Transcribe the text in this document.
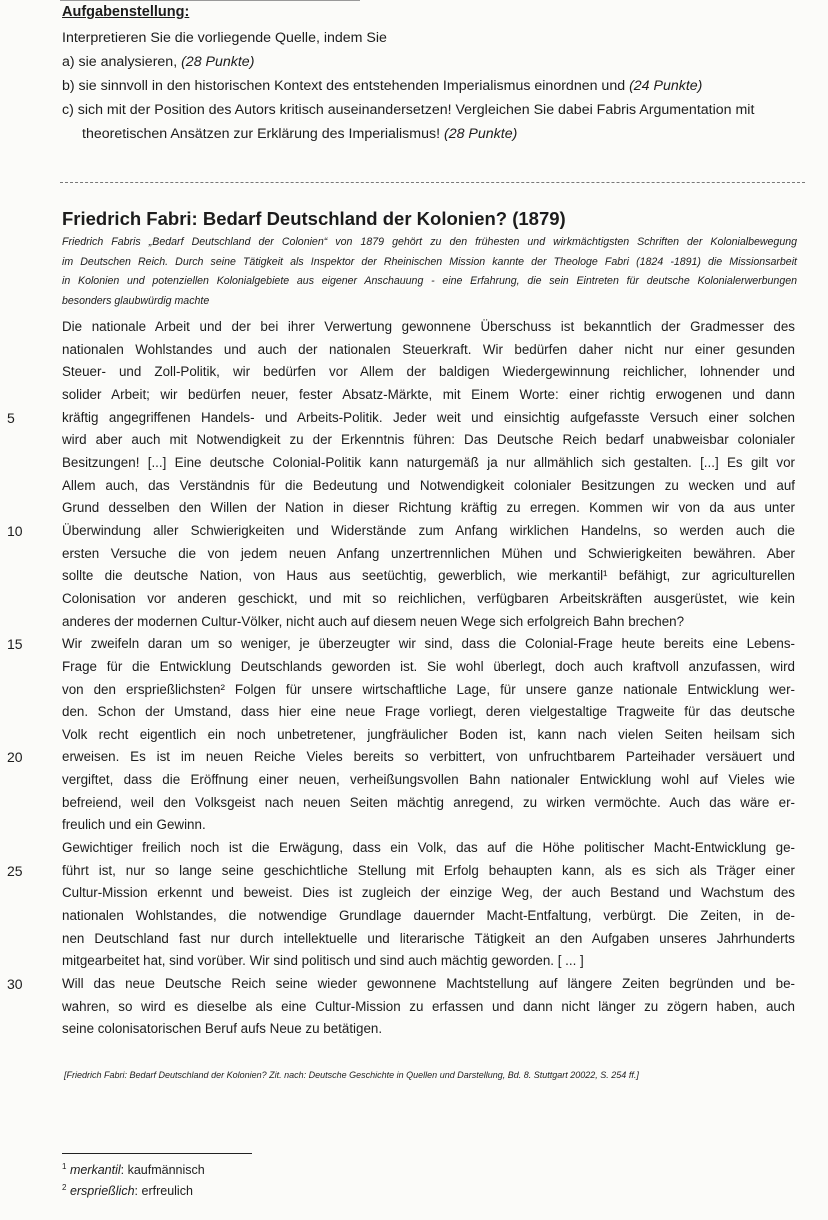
Aufgabenstellung:
Interpretieren Sie die vorliegende Quelle, indem Sie
a) sie analysieren, (28 Punkte)
b) sie sinnvoll in den historischen Kontext des entstehenden Imperialismus einordnen und (24 Punkte)
c) sich mit der Position des Autors kritisch auseinandersetzen! Vergleichen Sie dabei Fabris Argumentation mit
theoretischen Ansätzen zur Erklärung des Imperialismus! (28 Punkte)
Friedrich Fabri: Bedarf Deutschland der Kolonien? (1879)
Friedrich Fabris „Bedarf Deutschland der Colonien“ von 1879 gehört zu den frühesten und wirkmächtigsten Schriften der Kolonialbewegung
im Deutschen Reich. Durch seine Tätigkeit als Inspektor der Rheinischen Mission kannte der Theologe Fabri (1824 -1891) die Missionsarbeit
in Kolonien und potenziellen Kolonialgebiete aus eigener Anschauung - eine Erfahrung, die sein Eintreten für deutsche Kolonialerwerbungen
besonders glaubwürdig machte
Die nationale Arbeit und der bei ihrer Verwertung gewonnene Überschuss ist bekanntlich der Gradmesser des
nationalen Wohlstandes und auch der nationalen Steuerkraft. Wir bedürfen daher nicht nur einer gesunden
Steuer- und Zoll-Politik, wir bedürfen vor Allem der baldigen Wiedergewinnung reichlicher, lohnender und
solider Arbeit; wir bedürfen neuer, fester Absatz-Märkte, mit Einem Worte: einer richtig erwogenen und dann
5	kräftig angegriffenen Handels- und Arbeits-Politik. Jeder weit und einsichtig aufgefasste Versuch einer solchen
wird aber auch mit Notwendigkeit zu der Erkenntnis führen: Das Deutsche Reich bedarf unabweisbar colonialer
Besitzungen! [...] Eine deutsche Colonial-Politik kann naturgemäß ja nur allmählich sich gestalten. [...] Es gilt vor
Allem auch, das Verständnis für die Bedeutung und Notwendigkeit colonialer Besitzungen zu wecken und auf
Grund desselben den Willen der Nation in dieser Richtung kräftig zu erregen. Kommen wir von da aus unter
10	Überwindung aller Schwierigkeiten und Widerstände zum Anfang wirklichen Handelns, so werden auch die
ersten Versuche die von jedem neuen Anfang unzertrennlichen Mühen und Schwierigkeiten bewähren. Aber
sollte die deutsche Nation, von Haus aus seetüchtig, gewerblich, wie merkantil¹ befähigt, zur agriculturellen
Colonisation vor anderen geschickt, und mit so reichlichen, verfügbaren Arbeitskräften ausgerüstet, wie kein
anderes der modernen Cultur-Völker, nicht auch auf diesem neuen Wege sich erfolgreich Bahn brechen?
15	Wir zweifeln daran um so weniger, je überzeugter wir sind, dass die Colonial-Frage heute bereits eine Lebens-
Frage für die Entwicklung Deutschlands geworden ist. Sie wohl überlegt, doch auch kraftvoll anzufassen, wird
von den ersprießlichsten² Folgen für unsere wirtschaftliche Lage, für unsere ganze nationale Entwicklung wer-
den. Schon der Umstand, dass hier eine neue Frage vorliegt, deren vielgestaltige Tragweite für das deutsche
Volk recht eigentlich ein noch unbetretener, jungfräulicher Boden ist, kann nach vielen Seiten heilsam sich
20	erweisen. Es ist im neuen Reiche Vieles bereits so verbittert, von unfruchtbarem Parteihader versäuert und
vergiftet, dass die Eröffnung einer neuen, verheißungsvollen Bahn nationaler Entwicklung wohl auf Vieles wie
befreiend, weil den Volksgeist nach neuen Seiten mächtig anregend, zu wirken vermöchte. Auch das wäre er-
freulich und ein Gewinn.
Gewichtiger freilich noch ist die Erwägung, dass ein Volk, das auf die Höhe politischer Macht-Entwicklung ge-
25	führt ist, nur so lange seine geschichtliche Stellung mit Erfolg behaupten kann, als es sich als Träger einer
Cultur-Mission erkennt und beweist. Dies ist zugleich der einzige Weg, der auch Bestand und Wachstum des
nationalen Wohlstandes, die notwendige Grundlage dauernder Macht-Entfaltung, verbürgt. Die Zeiten, in de-
nen Deutschland fast nur durch intellektuelle und literarische Tätigkeit an den Aufgaben unseres Jahrhunderts
mitgearbeitet hat, sind vorüber. Wir sind politisch und sind auch mächtig geworden. [ ... ]
30	Will das neue Deutsche Reich seine wieder gewonnene Machtstellung auf längere Zeiten begründen und be-
wahren, so wird es dieselbe als eine Cultur-Mission zu erfassen und dann nicht länger zu zögern haben, auch
seine colonisatorischen Beruf aufs Neue zu betätigen.
[Friedrich Fabri: Bedarf Deutschland der Kolonien? Zit. nach: Deutsche Geschichte in Quellen und Darstellung, Bd. 8. Stuttgart 20022, S. 254 ff.]
$^1$ merkantil: kaufmännisch
$^2$ ersprießlich: erfreulich
